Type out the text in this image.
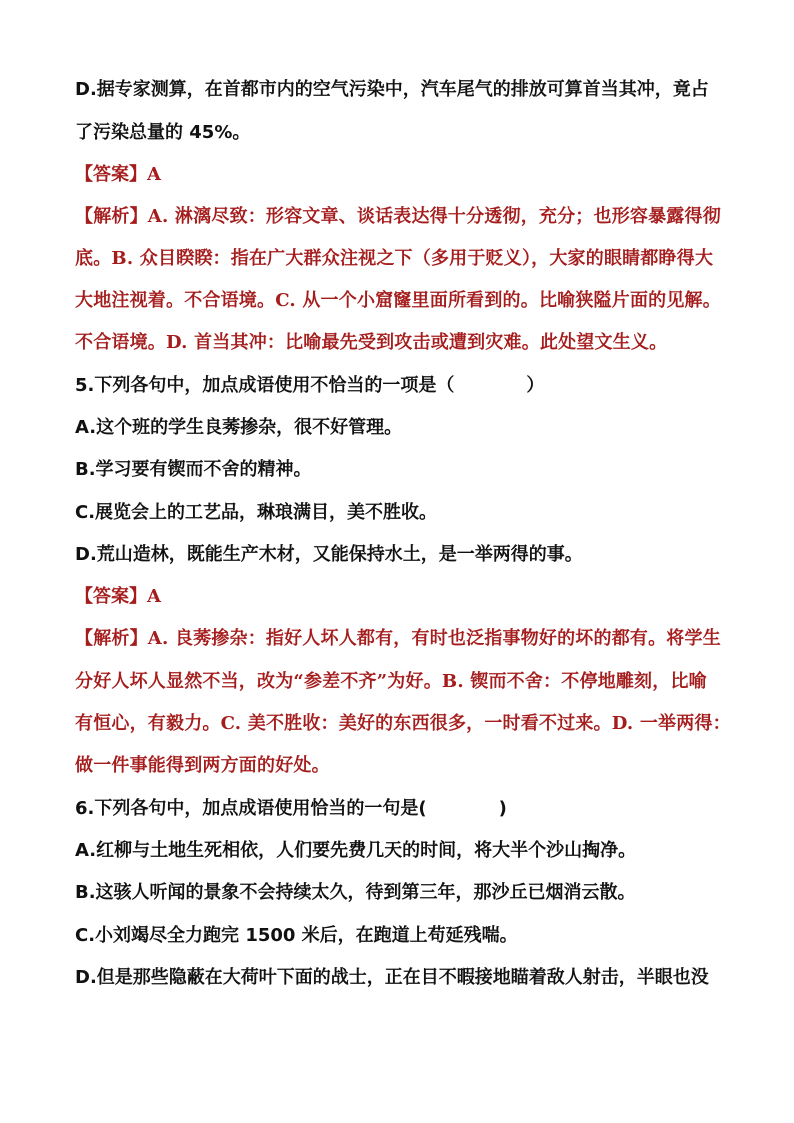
D.据专家测算，在首都市内的空气污染中，汽车尾气的排放可算首当其冲，竟占
了污染总量的 45%。
【答案】A
【解析】A. 淋漓尽致：形容文章、谈话表达得十分透彻，充分；也形容暴露得彻
底。B. 众目睽睽：指在广大群众注视之下（多用于贬义），大家的眼睛都睁得大
大地注视着。不合语境。C. 从一个小窟窿里面所看到的。比喻狭隘片面的见解。
不合语境。D. 首当其冲：比喻最先受到攻击或遭到灾难。此处望文生义。
5.下列各句中，加点成语使用不恰当的一项是（　　　　）
A.这个班的学生良莠掺杂，很不好管理。
B.学习要有锲而不舍的精神。
C.展览会上的工艺品，琳琅满目，美不胜收。
D.荒山造林，既能生产木材，又能保持水土，是一举两得的事。
【答案】A
【解析】A. 良莠掺杂：指好人坏人都有，有时也泛指事物好的坏的都有。将学生
分好人坏人显然不当，改为“参差不齐”为好。B. 锲而不舍：不停地雕刻，比喻
有恒心，有毅力。C. 美不胜收：美好的东西很多，一时看不过来。D. 一举两得：
做一件事能得到两方面的好处。
6.下列各句中，加点成语使用恰当的一句是(　　　　)
A.红柳与土地生死相依，人们要先费几天的时间，将大半个沙山掏净。
B.这骇人听闻的景象不会持续太久，待到第三年，那沙丘已烟消云散。
C.小刘竭尽全力跑完 1500 米后，在跑道上苟延残喘。
D.但是那些隐蔽在大荷叶下面的战士，正在目不暇接地瞄着敌人射击，半眼也没
